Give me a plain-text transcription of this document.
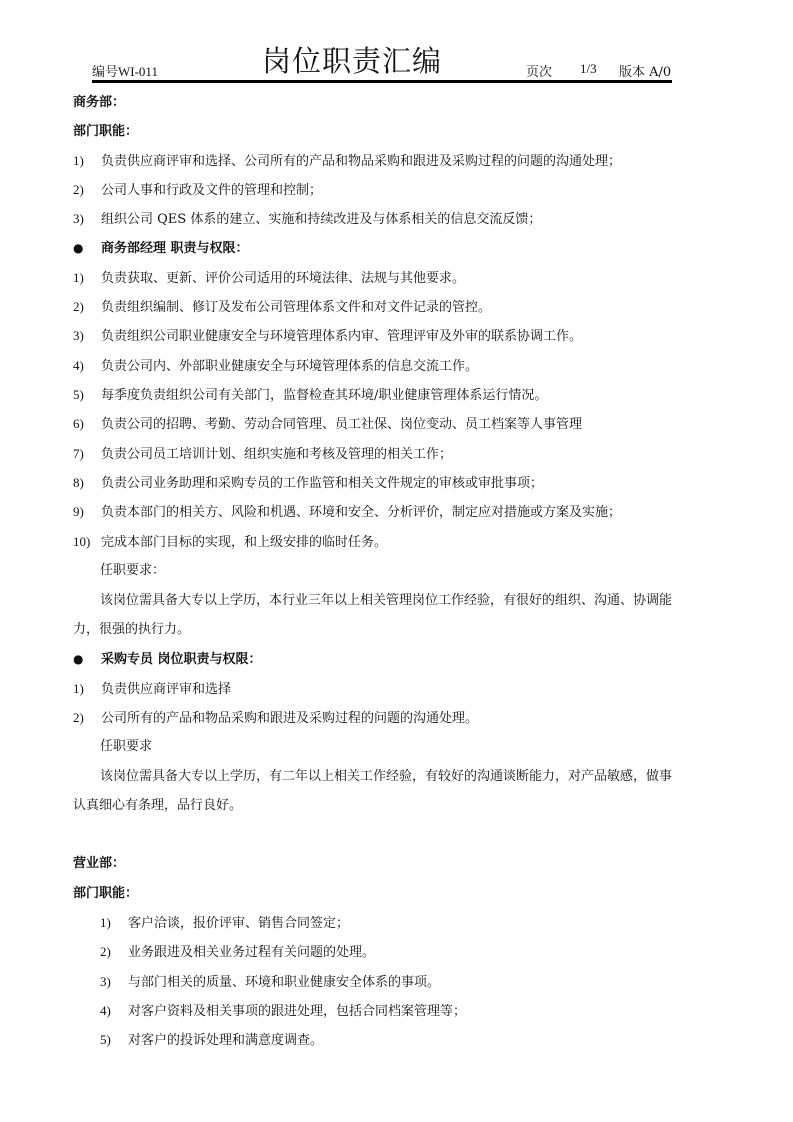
编号WI-011	岗位职责汇编	页次 1/3 版本 A/0
商务部：
部门职能：
1) 负责供应商评审和选择、公司所有的产品和物品采购和跟进及采购过程的问题的沟通处理；
2) 公司人事和行政及文件的管理和控制；
3) 组织公司 QES 体系的建立、实施和持续改进及与体系相关的信息交流反馈；
● 商务部经理 职责与权限：
1) 负责获取、更新、评价公司适用的环境法律、法规与其他要求。
2) 负责组织编制、修订及发布公司管理体系文件和对文件记录的管控。
3) 负责组织公司职业健康安全与环境管理体系内审、管理评审及外审的联系协调工作。
4) 负责公司内、外部职业健康安全与环境管理体系的信息交流工作。
5) 每季度负责组织公司有关部门，监督检查其环境/职业健康管理体系运行情况。
6) 负责公司的招聘、考勤、劳动合同管理、员工社保、岗位变动、员工档案等人事管理
7) 负责公司员工培训计划、组织实施和考核及管理的相关工作；
8) 负责公司业务助理和采购专员的工作监管和相关文件规定的审核或审批事项；
9) 负责本部门的相关方、风险和机遇、环境和安全、分析评价，制定应对措施或方案及实施；
10) 完成本部门目标的实现，和上级安排的临时任务。
任职要求：
该岗位需具备大专以上学历，本行业三年以上相关管理岗位工作经验，有很好的组织、沟通、协调能
力，很强的执行力。
● 采购专员 岗位职责与权限：
1) 负责供应商评审和选择
2) 公司所有的产品和物品采购和跟进及采购过程的问题的沟通处理。
任职要求
该岗位需具备大专以上学历，有二年以上相关工作经验，有较好的沟通谈断能力，对产品敏感，做事
认真细心有条理，品行良好。
营业部：
部门职能：
1) 客户洽谈，报价评审、销售合同签定；
2) 业务跟进及相关业务过程有关问题的处理。
3) 与部门相关的质量、环境和职业健康安全体系的事项。
4) 对客户资料及相关事项的跟进处理，包括合同档案管理等；
5) 对客户的投诉处理和满意度调查。
